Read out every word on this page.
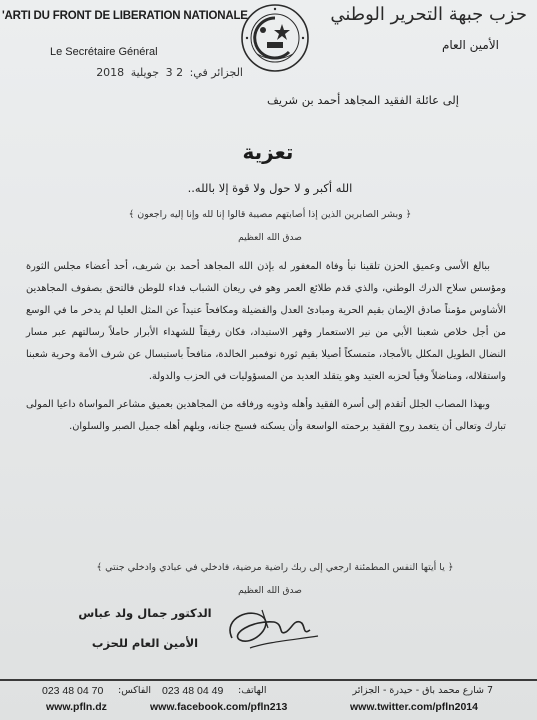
'ARTI DU FRONT DE LIBERATION NATIONALE	حزب جبهة التحرير الوطني
Le Secrétaire Général	الأمين العام
الجزائر في: 2 3 جويلية 2018
إلى عائلة الفقيد المجاهد أحمد بن شريف
تعزية
الله أكبر و لا حول ولا قوة إلا بالله..
﴿ وبشر الصابرين الذين إذا أصابتهم مصيبة قالوا إنا لله وإنا إليه راجعون ﴾
صدق الله العظيم

ببالغ الأسى وعميق الحزن تلقينا نبأ وفاة المغفور له بإذن الله المجاهد أحمد بن شريف، أحد أعضاء مجلس الثورة ومؤسس سلاح الدرك الوطني، والذي قدم طلائع العمر وهو في ريعان الشباب فداء للوطن فالتحق بصفوف المجاهدين الأشاوس مؤمناً صادق الإيمان بقيم الحرية ومبادئ العدل والفضيلة ومكافحاً عنيداً عن المثل العليا لم يدخر ما في الوسع من أجل خلاص شعبنا الأبي من نير الاستعمار وقهر الاستبداد، فكان رفيقاً للشهداء الأبرار حاملاً رسالتهم عبر مسار النضال الطويل المكلل بالأمجاد، متمسكاً أصيلا بقيم ثورة نوفمبر الخالدة، منافحاً باستبسال عن شرف الأمة وحرية شعبنا واستقلاله، ومناضلاً وفياً لحزبه العتيد وهو يتقلد العديد من المسؤوليات في الحزب والدولة.

وبهذا المصاب الجلل أتقدم إلى أسرة الفقيد وأهله وذويه ورفاقه من المجاهدين بعميق مشاعر المواساة داعيا المولى تبارك وتعالى أن يتغمد روح الفقيد برحمته الواسعة وأن يسكنه فسيح جنانه، ويلهم أهله جميل الصبر والسلوان.

﴿ يا أيتها النفس المطمئنة ارجعي إلى ربك راضية مرضية، فادخلي في عبادي وادخلي جنتي ﴾
صدق الله العظيم
الدكتور جمال ولد عباس
الأمين العام للحزب
023 48 04 70 الفاكس: 023 48 04 49 الهاتف:	7 شارع محمد باق - حيدرة - الجزائر
www.pfln.dz	www.facebook.com/pfln213	www.twitter.com/pfln2014
